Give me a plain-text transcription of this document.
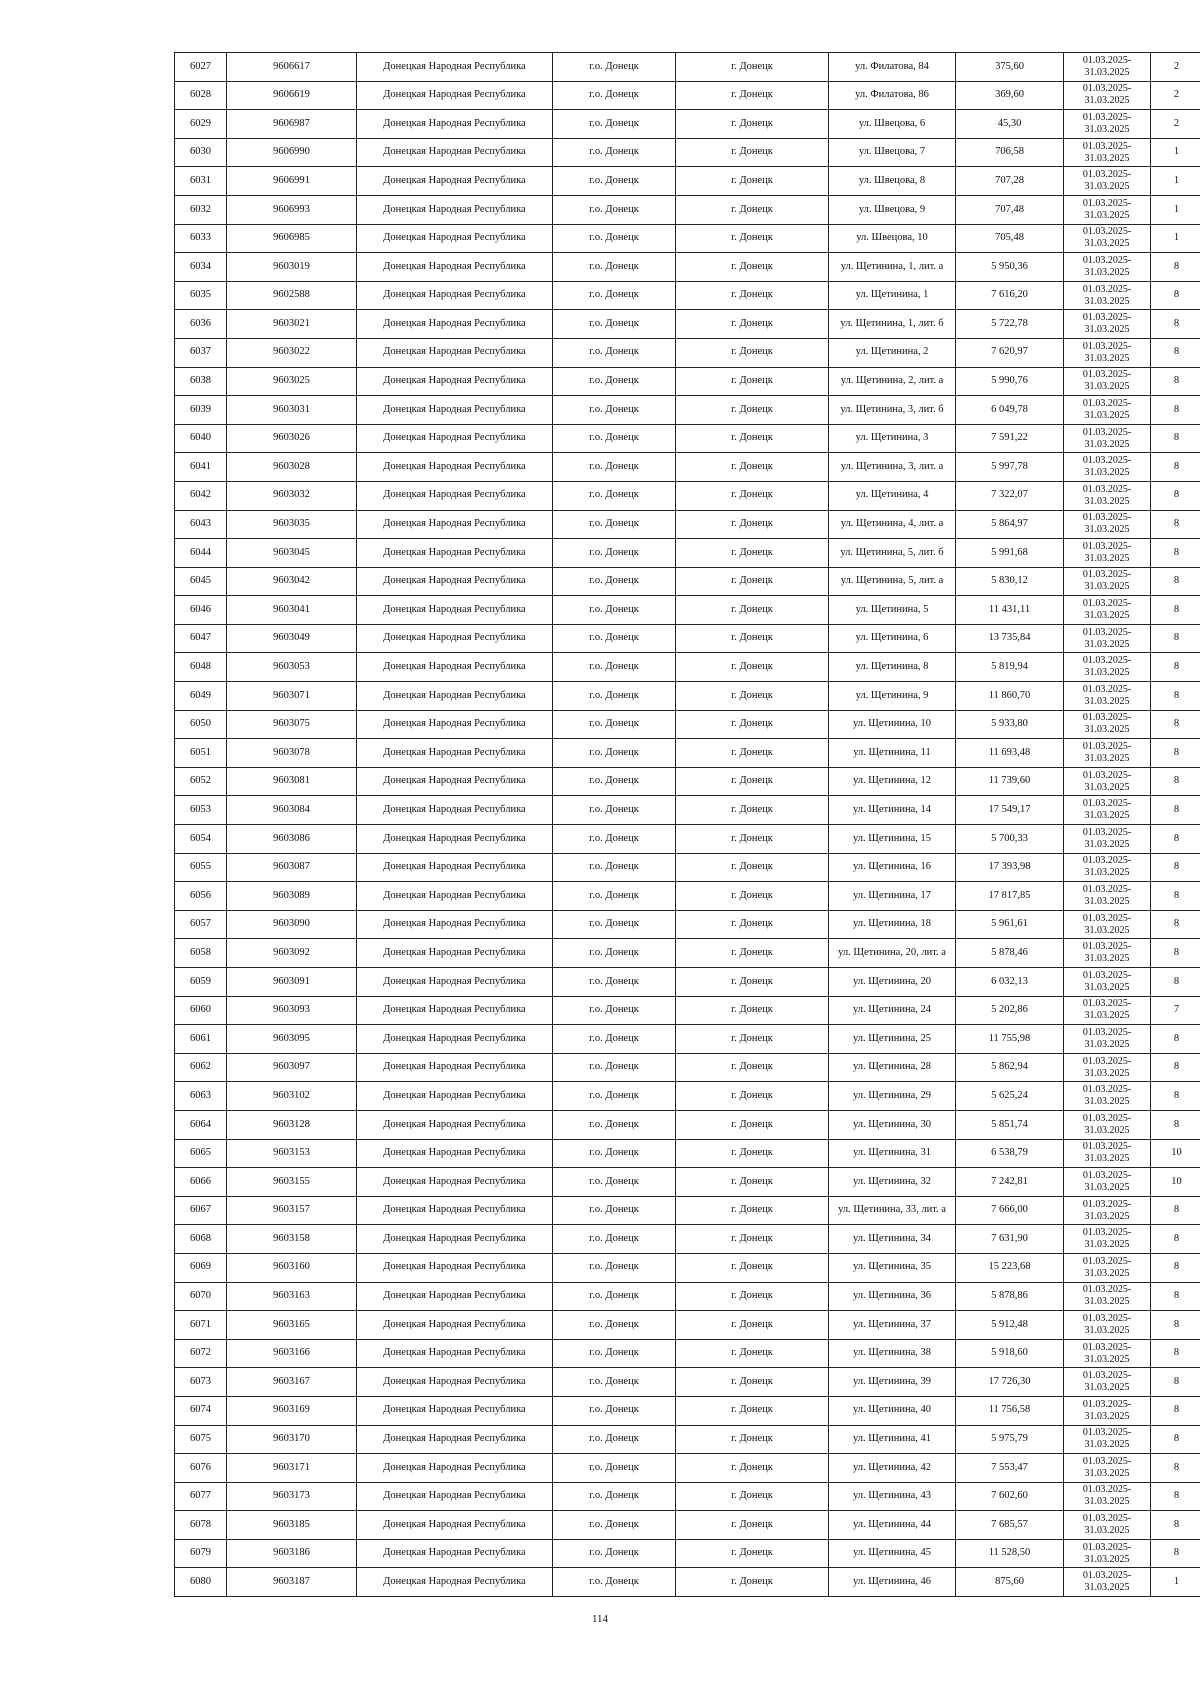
6027	9606617	Донецкая Народная Республика	г.о. Донецк	г. Донецк	ул. Филатова, 84	375,60	01.03.2025-
31.03.2025	2
6028	9606619	Донецкая Народная Республика	г.о. Донецк	г. Донецк	ул. Филатова, 86	369,60	01.03.2025-
31.03.2025	2
6029	9606987	Донецкая Народная Республика	г.о. Донецк	г. Донецк	ул. Швецова, 6	45,30	01.03.2025-
31.03.2025	2
6030	9606990	Донецкая Народная Республика	г.о. Донецк	г. Донецк	ул. Швецова, 7	706,58	01.03.2025-
31.03.2025	1
6031	9606991	Донецкая Народная Республика	г.о. Донецк	г. Донецк	ул. Швецова, 8	707,28	01.03.2025-
31.03.2025	1
6032	9606993	Донецкая Народная Республика	г.о. Донецк	г. Донецк	ул. Швецова, 9	707,48	01.03.2025-
31.03.2025	1
6033	9606985	Донецкая Народная Республика	г.о. Донецк	г. Донецк	ул. Швецова, 10	705,48	01.03.2025-
31.03.2025	1
6034	9603019	Донецкая Народная Республика	г.о. Донецк	г. Донецк	ул. Щетинина, 1, лит. а	5 950,36	01.03.2025-
31.03.2025	8
6035	9602588	Донецкая Народная Республика	г.о. Донецк	г. Донецк	ул. Щетинина, 1	7 616,20	01.03.2025-
31.03.2025	8
6036	9603021	Донецкая Народная Республика	г.о. Донецк	г. Донецк	ул. Щетинина, 1, лит. б	5 722,78	01.03.2025-
31.03.2025	8
6037	9603022	Донецкая Народная Республика	г.о. Донецк	г. Донецк	ул. Щетинина, 2	7 620,97	01.03.2025-
31.03.2025	8
6038	9603025	Донецкая Народная Республика	г.о. Донецк	г. Донецк	ул. Щетинина, 2, лит. а	5 990,76	01.03.2025-
31.03.2025	8
6039	9603031	Донецкая Народная Республика	г.о. Донецк	г. Донецк	ул. Щетинина, 3, лит. б	6 049,78	01.03.2025-
31.03.2025	8
6040	9603026	Донецкая Народная Республика	г.о. Донецк	г. Донецк	ул. Щетинина, 3	7 591,22	01.03.2025-
31.03.2025	8
6041	9603028	Донецкая Народная Республика	г.о. Донецк	г. Донецк	ул. Щетинина, 3, лит. а	5 997,78	01.03.2025-
31.03.2025	8
6042	9603032	Донецкая Народная Республика	г.о. Донецк	г. Донецк	ул. Щетинина, 4	7 322,07	01.03.2025-
31.03.2025	8
6043	9603035	Донецкая Народная Республика	г.о. Донецк	г. Донецк	ул. Щетинина, 4, лит. а	5 864,97	01.03.2025-
31.03.2025	8
6044	9603045	Донецкая Народная Республика	г.о. Донецк	г. Донецк	ул. Щетинина, 5, лит. б	5 991,68	01.03.2025-
31.03.2025	8
6045	9603042	Донецкая Народная Республика	г.о. Донецк	г. Донецк	ул. Щетинина, 5, лит. а	5 830,12	01.03.2025-
31.03.2025	8
6046	9603041	Донецкая Народная Республика	г.о. Донецк	г. Донецк	ул. Щетинина, 5	11 431,11	01.03.2025-
31.03.2025	8
6047	9603049	Донецкая Народная Республика	г.о. Донецк	г. Донецк	ул. Щетинина, 6	13 735,84	01.03.2025-
31.03.2025	8
6048	9603053	Донецкая Народная Республика	г.о. Донецк	г. Донецк	ул. Щетинина, 8	5 819,94	01.03.2025-
31.03.2025	8
6049	9603071	Донецкая Народная Республика	г.о. Донецк	г. Донецк	ул. Щетинина, 9	11 860,70	01.03.2025-
31.03.2025	8
6050	9603075	Донецкая Народная Республика	г.о. Донецк	г. Донецк	ул. Щетинина, 10	5 933,80	01.03.2025-
31.03.2025	8
6051	9603078	Донецкая Народная Республика	г.о. Донецк	г. Донецк	ул. Щетинина, 11	11 693,48	01.03.2025-
31.03.2025	8
6052	9603081	Донецкая Народная Республика	г.о. Донецк	г. Донецк	ул. Щетинина, 12	11 739,60	01.03.2025-
31.03.2025	8
6053	9603084	Донецкая Народная Республика	г.о. Донецк	г. Донецк	ул. Щетинина, 14	17 549,17	01.03.2025-
31.03.2025	8
6054	9603086	Донецкая Народная Республика	г.о. Донецк	г. Донецк	ул. Щетинина, 15	5 700,33	01.03.2025-
31.03.2025	8
6055	9603087	Донецкая Народная Республика	г.о. Донецк	г. Донецк	ул. Щетинина, 16	17 393,98	01.03.2025-
31.03.2025	8
6056	9603089	Донецкая Народная Республика	г.о. Донецк	г. Донецк	ул. Щетинина, 17	17 817,85	01.03.2025-
31.03.2025	8
6057	9603090	Донецкая Народная Республика	г.о. Донецк	г. Донецк	ул. Щетинина, 18	5 961,61	01.03.2025-
31.03.2025	8
6058	9603092	Донецкая Народная Республика	г.о. Донецк	г. Донецк	ул. Щетинина, 20, лит. а	5 878,46	01.03.2025-
31.03.2025	8
6059	9603091	Донецкая Народная Республика	г.о. Донецк	г. Донецк	ул. Щетинина, 20	6 032,13	01.03.2025-
31.03.2025	8
6060	9603093	Донецкая Народная Республика	г.о. Донецк	г. Донецк	ул. Щетинина, 24	5 202,86	01.03.2025-
31.03.2025	7
6061	9603095	Донецкая Народная Республика	г.о. Донецк	г. Донецк	ул. Щетинина, 25	11 755,98	01.03.2025-
31.03.2025	8
6062	9603097	Донецкая Народная Республика	г.о. Донецк	г. Донецк	ул. Щетинина, 28	5 862,94	01.03.2025-
31.03.2025	8
6063	9603102	Донецкая Народная Республика	г.о. Донецк	г. Донецк	ул. Щетинина, 29	5 625,24	01.03.2025-
31.03.2025	8
6064	9603128	Донецкая Народная Республика	г.о. Донецк	г. Донецк	ул. Щетинина, 30	5 851,74	01.03.2025-
31.03.2025	8
6065	9603153	Донецкая Народная Республика	г.о. Донецк	г. Донецк	ул. Щетинина, 31	6 538,79	01.03.2025-
31.03.2025	10
6066	9603155	Донецкая Народная Республика	г.о. Донецк	г. Донецк	ул. Щетинина, 32	7 242,81	01.03.2025-
31.03.2025	10
6067	9603157	Донецкая Народная Республика	г.о. Донецк	г. Донецк	ул. Щетинина, 33, лит. а	7 666,00	01.03.2025-
31.03.2025	8
6068	9603158	Донецкая Народная Республика	г.о. Донецк	г. Донецк	ул. Щетинина, 34	7 631,90	01.03.2025-
31.03.2025	8
6069	9603160	Донецкая Народная Республика	г.о. Донецк	г. Донецк	ул. Щетинина, 35	15 223,68	01.03.2025-
31.03.2025	8
6070	9603163	Донецкая Народная Республика	г.о. Донецк	г. Донецк	ул. Щетинина, 36	5 878,86	01.03.2025-
31.03.2025	8
6071	9603165	Донецкая Народная Республика	г.о. Донецк	г. Донецк	ул. Щетинина, 37	5 912,48	01.03.2025-
31.03.2025	8
6072	9603166	Донецкая Народная Республика	г.о. Донецк	г. Донецк	ул. Щетинина, 38	5 918,60	01.03.2025-
31.03.2025	8
6073	9603167	Донецкая Народная Республика	г.о. Донецк	г. Донецк	ул. Щетинина, 39	17 726,30	01.03.2025-
31.03.2025	8
6074	9603169	Донецкая Народная Республика	г.о. Донецк	г. Донецк	ул. Щетинина, 40	11 756,58	01.03.2025-
31.03.2025	8
6075	9603170	Донецкая Народная Республика	г.о. Донецк	г. Донецк	ул. Щетинина, 41	5 975,79	01.03.2025-
31.03.2025	8
6076	9603171	Донецкая Народная Республика	г.о. Донецк	г. Донецк	ул. Щетинина, 42	7 553,47	01.03.2025-
31.03.2025	8
6077	9603173	Донецкая Народная Республика	г.о. Донецк	г. Донецк	ул. Щетинина, 43	7 602,60	01.03.2025-
31.03.2025	8
6078	9603185	Донецкая Народная Республика	г.о. Донецк	г. Донецк	ул. Щетинина, 44	7 685,57	01.03.2025-
31.03.2025	8
6079	9603186	Донецкая Народная Республика	г.о. Донецк	г. Донецк	ул. Щетинина, 45	11 528,50	01.03.2025-
31.03.2025	8
6080	9603187	Донецкая Народная Республика	г.о. Донецк	г. Донецк	ул. Щетинина, 46	875,60	01.03.2025-
31.03.2025	1
114
